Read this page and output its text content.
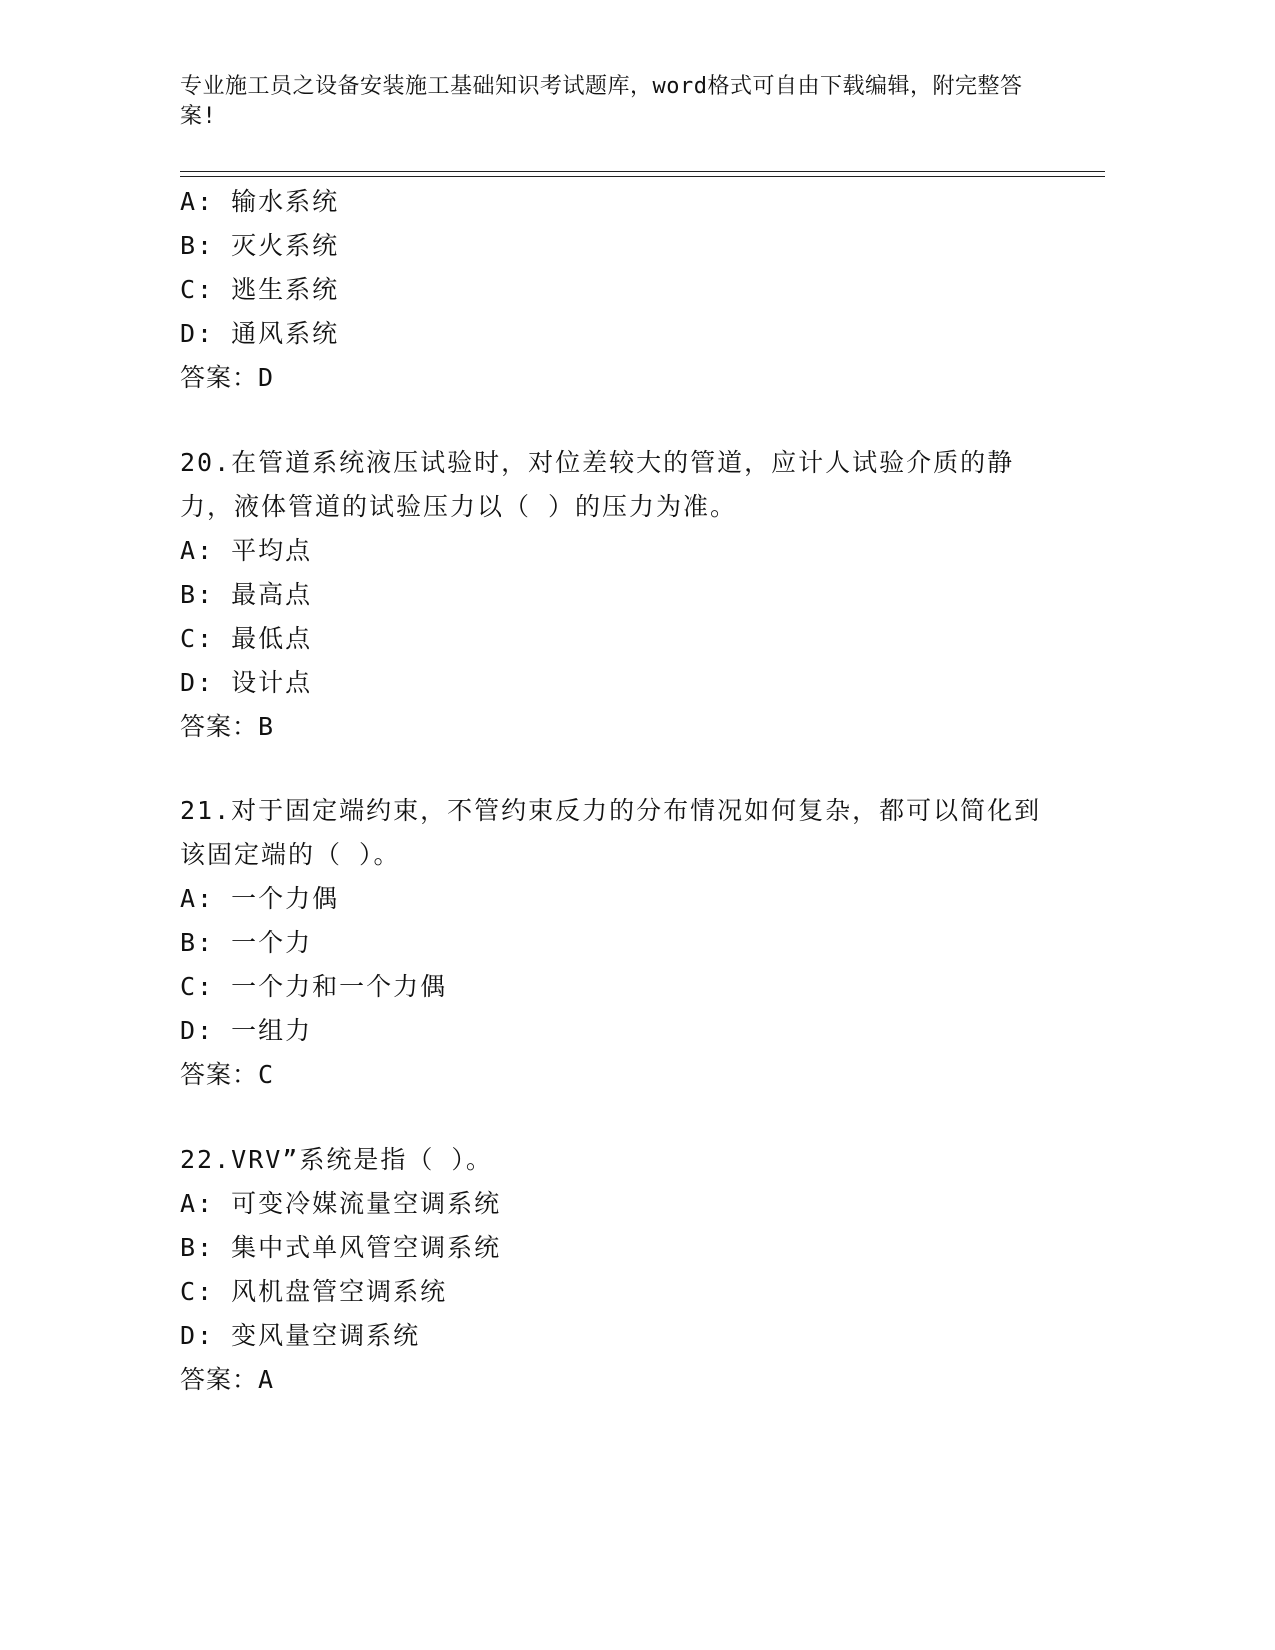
专业施工员之设备安装施工基础知识考试题库，word格式可自由下载编辑，附完整答案!
A: 输水系统
B: 灭火系统
C: 逃生系统
D: 通风系统
答案：D
20.在管道系统液压试验时，对位差较大的管道，应计人试验介质的静力，液体管道的试验压力以（ ）的压力为准。
A: 平均点
B: 最高点
C: 最低点
D: 设计点
答案：B
21.对于固定端约束，不管约束反力的分布情况如何复杂，都可以简化到该固定端的（ ）。
A: 一个力偶
B: 一个力
C: 一个力和一个力偶
D: 一组力
答案：C
22.VRV”系统是指（ ）。
A: 可变冷媒流量空调系统
B: 集中式单风管空调系统
C: 风机盘管空调系统
D: 变风量空调系统
答案：A
